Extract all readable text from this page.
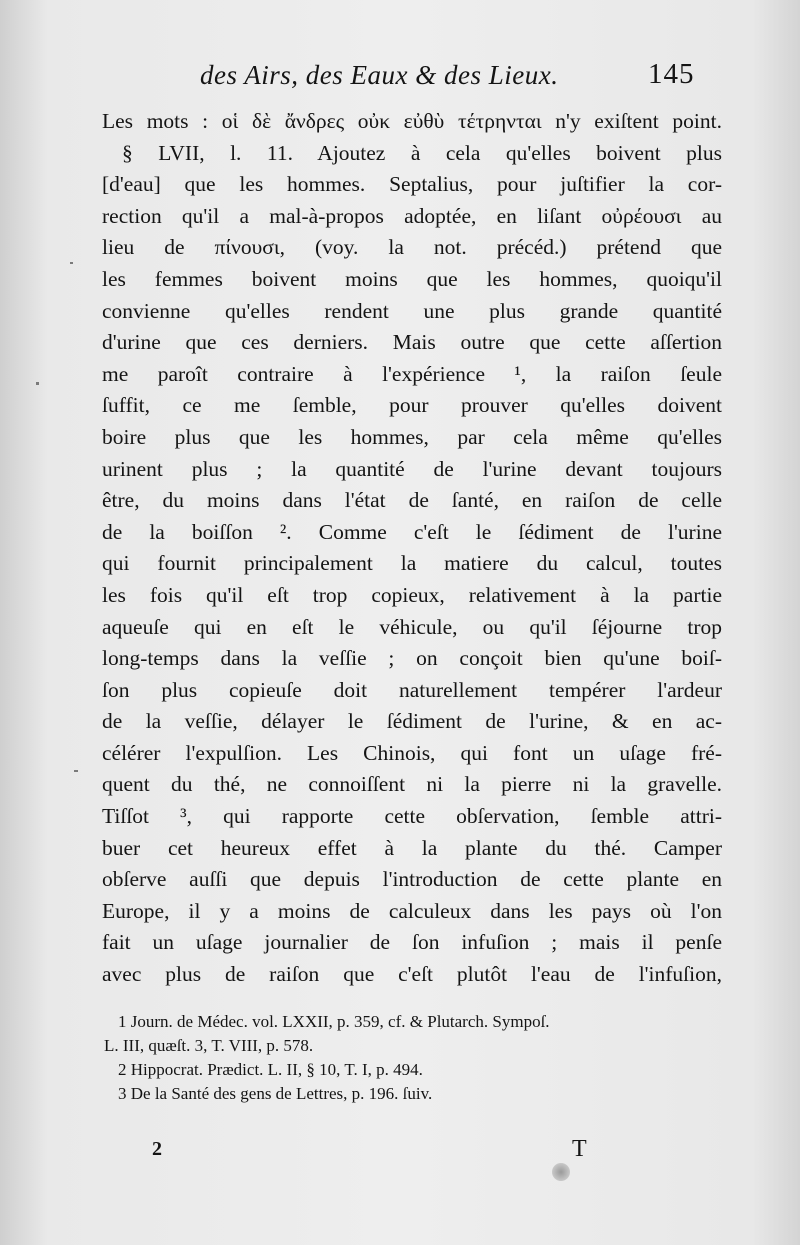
des Airs, des Eaux & des Lieux.	145
Les mots : οἱ δὲ ἄνδρες οὐκ εὐθὺ τέτρηνται n'y exiſtent point.
§ LVII, l. 11. Ajoutez à cela qu'elles boivent plus
[d'eau] que les hommes. Septalius, pour juſtifier la cor-
rection qu'il a mal-à-propos adoptée, en liſant οὐρέουσι au
lieu de πίνουσι, (voy. la not. précéd.) prétend que
les femmes boivent moins que les hommes, quoiqu'il
convienne qu'elles rendent une plus grande quantité
d'urine que ces derniers. Mais outre que cette aſſertion
me paroît contraire à l'expérience ¹, la raiſon ſeule
ſuffit, ce me ſemble, pour prouver qu'elles doivent
boire plus que les hommes, par cela même qu'elles
urinent plus ; la quantité de l'urine devant toujours
être, du moins dans l'état de ſanté, en raiſon de celle
de la boiſſon ². Comme c'eſt le ſédiment de l'urine
qui fournit principalement la matiere du calcul, toutes
les fois qu'il eſt trop copieux, relativement à la partie
aqueuſe qui en eſt le véhicule, ou qu'il ſéjourne trop
long-temps dans la veſſie ; on conçoit bien qu'une boiſ-
ſon plus copieuſe doit naturellement tempérer l'ardeur
de la veſſie, délayer le ſédiment de l'urine, & en ac-
célérer l'expulſion. Les Chinois, qui font un uſage fré-
quent du thé, ne connoiſſent ni la pierre ni la gravelle.
Tiſſot ³, qui rapporte cette obſervation, ſemble attri-
buer cet heureux effet à la plante du thé. Camper
obſerve auſſi que depuis l'introduction de cette plante en
Europe, il y a moins de calculeux dans les pays où l'on
fait un uſage journalier de ſon infuſion ; mais il penſe
avec plus de raiſon que c'eſt plutôt l'eau de l'infuſion,
1 Journ. de Médec. vol. LXXII, p. 359, cf. & Plutarch. Sympoſ.
L. III, quæſt. 3, T. VIII, p. 578.
2 Hippocrat. Prædict. L. II, § 10, T. I, p. 494.
3 De la Santé des gens de Lettres, p. 196. ſuiv.
2	T
